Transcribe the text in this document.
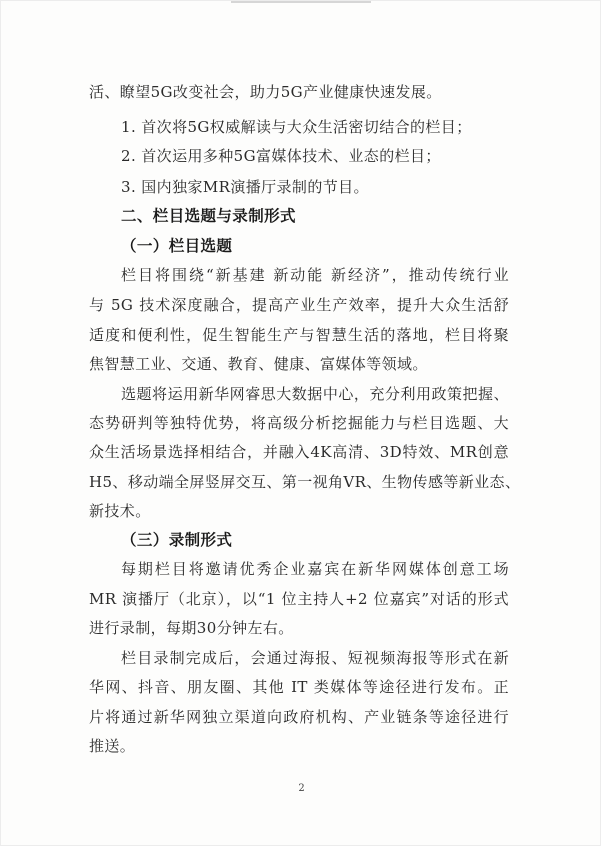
活、瞭望5G改变社会，助力5G产业健康快速发展。
1. 首次将5G权威解读与大众生活密切结合的栏目；
2. 首次运用多种5G富媒体技术、业态的栏目；
3. 国内独家MR演播厅录制的节目。
二、栏目选题与录制形式
（一）栏目选题
栏目将围绕“新基建 新动能 新经济”，推动传统行业
与 5G 技术深度融合，提高产业生产效率，提升大众生活舒
适度和便利性，促生智能生产与智慧生活的落地，栏目将聚
焦智慧工业、交通、教育、健康、富媒体等领域。
选题将运用新华网睿思大数据中心，充分利用政策把握、
态势研判等独特优势，将高级分析挖掘能力与栏目选题、大
众生活场景选择相结合，并融入4K高清、3D特效、MR创意
H5、移动端全屏竖屏交互、第一视角VR、生物传感等新业态、
新技术。
（三）录制形式
每期栏目将邀请优秀企业嘉宾在新华网媒体创意工场
MR 演播厅（北京），以“1 位主持人+2 位嘉宾”对话的形式
进行录制，每期30分钟左右。
栏目录制完成后，会通过海报、短视频海报等形式在新
华网、抖音、朋友圈、其他 IT 类媒体等途径进行发布。正
片将通过新华网独立渠道向政府机构、产业链条等途径进行
推送。
2
